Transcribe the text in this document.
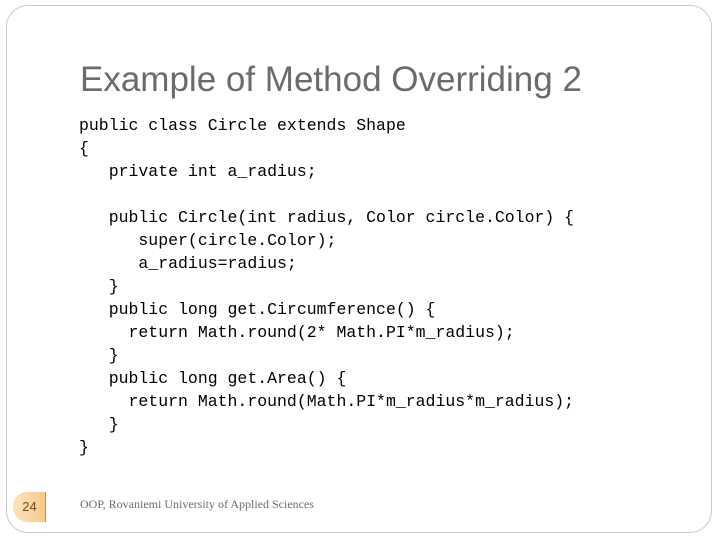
Example of Method Overriding 2
public class Circle extends Shape
{
private int a_radius;
public Circle(int radius, Color circle.Color) {
super(circle.Color);
a_radius=radius;
}
public long get.Circumference() {
return Math.round(2* Math.PI*m_radius);
}
public long get.Area() {
return Math.round(Math.PI*m_radius*m_radius);
}
}
24	OOP, Rovaniemi University of Applied Sciences
